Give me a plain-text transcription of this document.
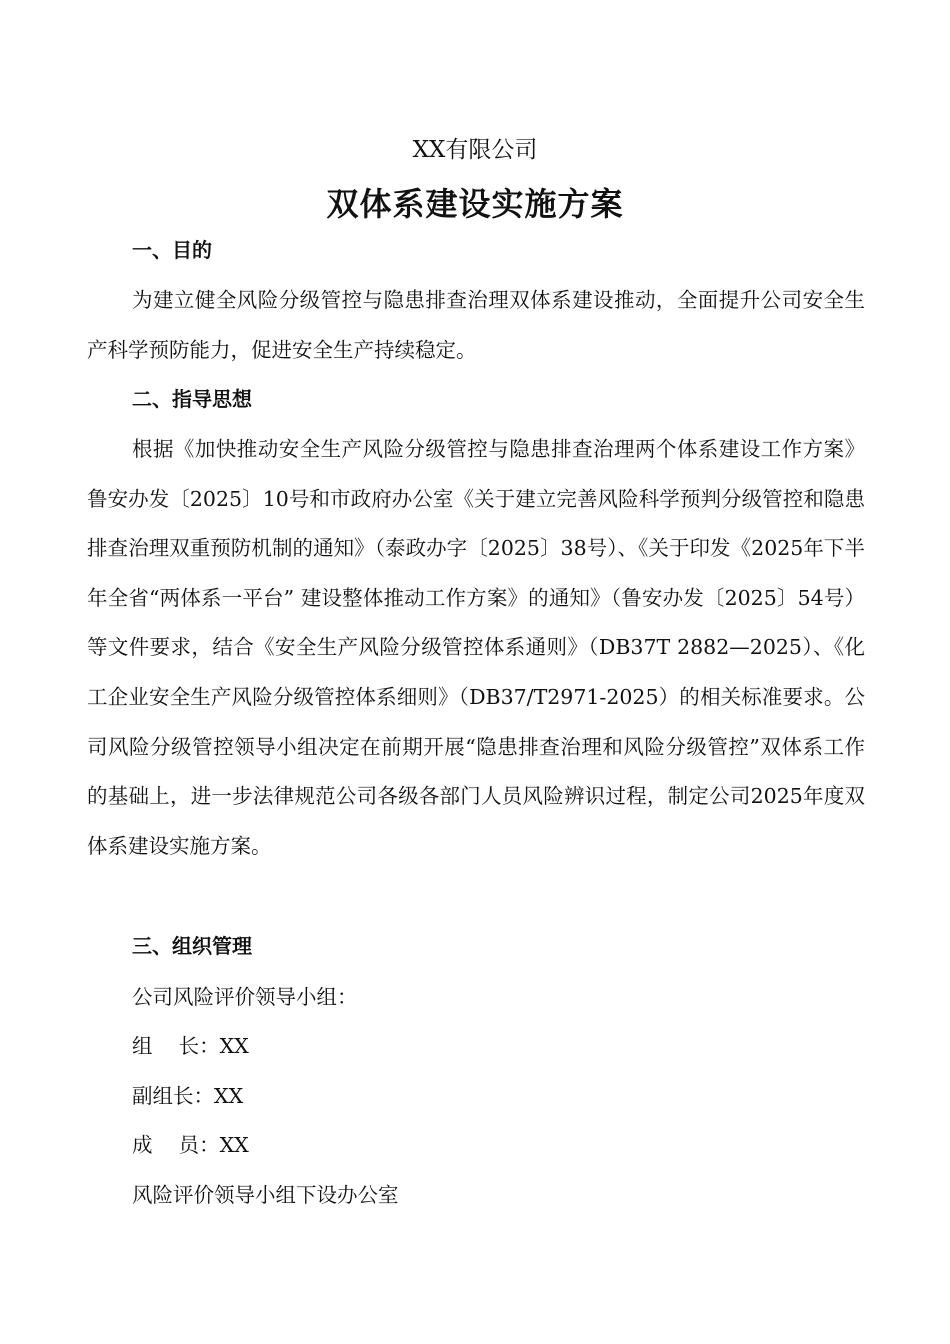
XX有限公司
双体系建设实施方案
一、目的
为建立健全风险分级管控与隐患排查治理双体系建设推动，全面提升公司安全生产科学预防能力，促进安全生产持续稳定。
二、指导思想
根据《加快推动安全生产风险分级管控与隐患排查治理两个体系建设工作方案》鲁安办发〔2025〕10号和市政府办公室《关于建立完善风险科学预判分级管控和隐患排查治理双重预防机制的通知》（泰政办字〔2025〕38号）、《关于印发《2025年下半年全省“两体系一平台” 建设整体推动工作方案》的通知》（鲁安办发〔2025〕54号）等文件要求，结合《安全生产风险分级管控体系通则》（DB37T 2882—2025）、《化工企业安全生产风险分级管控体系细则》（DB37/T2971-2025）的相关标准要求。公司风险分级管控领导小组决定在前期开展“隐患排查治理和风险分级管控”双体系工作的基础上，进一步法律规范公司各级各部门人员风险辨识过程，制定公司2025年度双体系建设实施方案。
三、组织管理
公司风险评价领导小组：
组    长：XX
副组长：XX
成    员：XX
风险评价领导小组下设办公室
